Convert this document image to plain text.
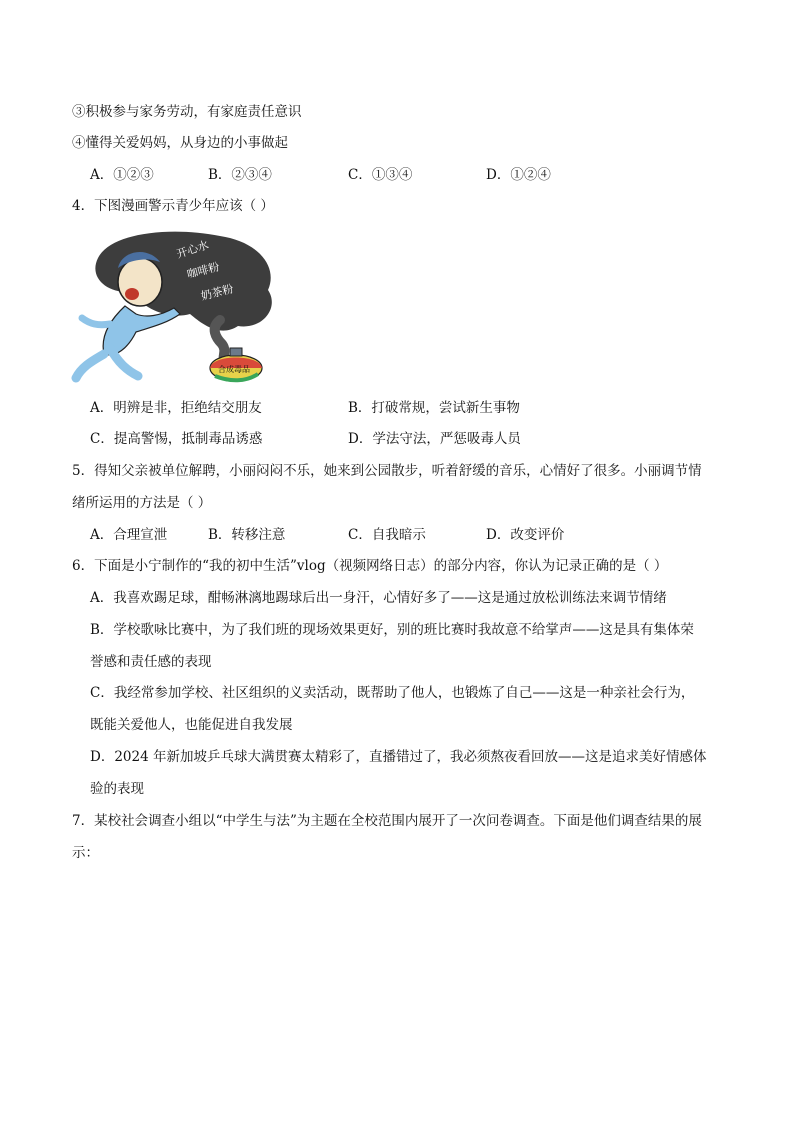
③积极参与家务劳动，有家庭责任意识
④懂得关爱妈妈，从身边的小事做起
A．①②③	B．②③④	C．①③④	D．①②④
4．下图漫画警示青少年应该（ ）
开心水
咖啡粉
奶茶粉
合成毒品
A．明辨是非，拒绝结交朋友	B．打破常规，尝试新生事物
C．提高警惕，抵制毒品诱惑	D．学法守法，严惩吸毒人员
5．得知父亲被单位解聘，小丽闷闷不乐，她来到公园散步，听着舒缓的音乐，心情好了很多。小丽调节情
绪所运用的方法是（ ）
A．合理宣泄	B．转移注意	C．自我暗示	D．改变评价
6．下面是小宁制作的“我的初中生活”vlog（视频网络日志）的部分内容，你认为记录正确的是（ ）
A．我喜欢踢足球，酣畅淋漓地踢球后出一身汗，心情好多了——这是通过放松训练法来调节情绪
B．学校歌咏比赛中，为了我们班的现场效果更好，别的班比赛时我故意不给掌声——这是具有集体荣
誉感和责任感的表现
C．我经常参加学校、社区组织的义卖活动，既帮助了他人，也锻炼了自己——这是一种亲社会行为，
既能关爱他人，也能促进自我发展
D．2024 年新加坡乒乓球大满贯赛太精彩了，直播错过了，我必须熬夜看回放——这是追求美好情感体
验的表现
7．某校社会调查小组以“中学生与法”为主题在全校范围内展开了一次问卷调查。下面是他们调查结果的展
示：
